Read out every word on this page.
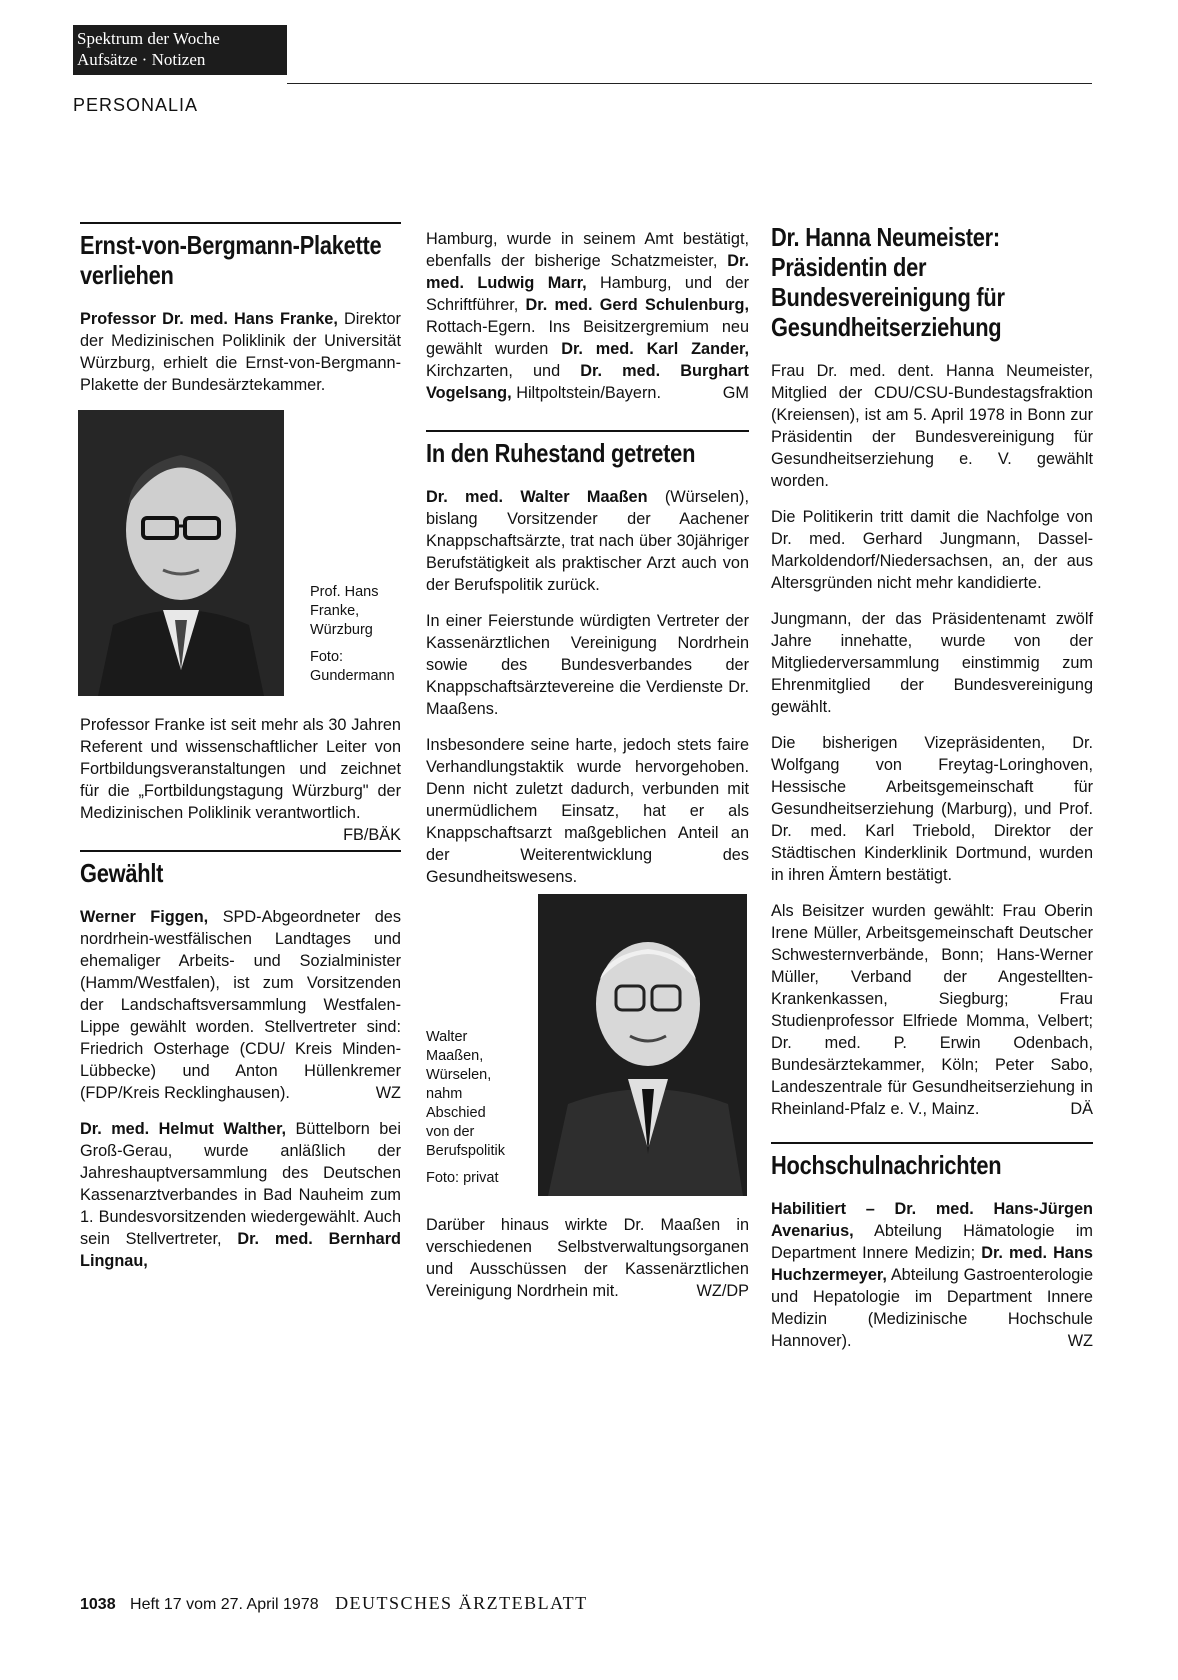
Spektrum der Woche
Aufsätze · Notizen
PERSONALIA
Ernst-von-Bergmann-Plakette verliehen

Professor Dr. med. Hans Franke, Direktor der Medizinischen Poliklinik der Universität Würzburg, erhielt die Ernst-von-Bergmann-Plakette der Bundesärztekammer.

Prof. Hans Franke, Würzburg

Foto: Gundermann

Professor Franke ist seit mehr als 30 Jahren Referent und wissenschaftlicher Leiter von Fortbildungsveranstaltungen und zeichnet für die „Fortbildungstagung Würzburg" der Medizinischen Poliklinik verantwortlich.
FB/BÄK

Gewählt

Werner Figgen, SPD-Abgeordneter des nordrhein-westfälischen Landtages und ehemaliger Arbeits- und Sozialminister (Hamm/Westfalen), ist zum Vorsitzenden der Landschaftsversammlung Westfalen-Lippe gewählt worden. Stellvertreter sind: Friedrich Osterhage (CDU/ Kreis Minden-Lübbecke) und Anton Hüllenkremer (FDP/Kreis Recklinghausen).	WZ

Dr. med. Helmut Walther, Büttelborn bei Groß-Gerau, wurde anläßlich der Jahreshauptversammlung des Deutschen Kassenarztverbandes in Bad Nauheim zum 1. Bundesvorsitzenden wiedergewählt. Auch sein Stellvertreter, Dr. med. Bernhard Lingnau,

Hamburg, wurde in seinem Amt bestätigt, ebenfalls der bisherige Schatzmeister, Dr. med. Ludwig Marr, Hamburg, und der Schriftführer, Dr. med. Gerd Schulenburg, Rottach-Egern. Ins Beisitzergremium neu gewählt wurden Dr. med. Karl Zander, Kirchzarten, und Dr. med. Burghart Vogelsang, Hiltpoltstein/Bayern.	GM

In den Ruhestand getreten

Dr. med. Walter Maaßen (Würselen), bislang Vorsitzender der Aachener Knappschaftsärzte, trat nach über 30jähriger Berufstätigkeit als praktischer Arzt auch von der Berufspolitik zurück.

In einer Feierstunde würdigten Vertreter der Kassenärztlichen Vereinigung Nordrhein sowie des Bundesverbandes der Knappschaftsärztevereine die Verdienste Dr. Maaßens.

Insbesondere seine harte, jedoch stets faire Verhandlungstaktik wurde hervorgehoben. Denn nicht zuletzt dadurch, verbunden mit unermüdlichem Einsatz, hat er als Knappschaftsarzt maßgeblichen Anteil an der Weiterentwicklung des Gesundheitswesens.

Walter Maaßen, Würselen, nahm Abschied von der Berufspolitik

Foto: privat

Darüber hinaus wirkte Dr. Maaßen in verschiedenen Selbstverwaltungsorganen und Ausschüssen der Kassenärztlichen Vereinigung Nordrhein mit.	WZ/DP

Dr. Hanna Neumeister: Präsidentin der Bundesvereinigung für Gesundheitserziehung

Frau Dr. med. dent. Hanna Neumeister, Mitglied der CDU/CSU-Bundestagsfraktion (Kreiensen), ist am 5. April 1978 in Bonn zur Präsidentin der Bundesvereinigung für Gesundheitserziehung e. V. gewählt worden.

Die Politikerin tritt damit die Nachfolge von Dr. med. Gerhard Jungmann, Dassel-Markoldendorf/Niedersachsen, an, der aus Altersgründen nicht mehr kandidierte.

Jungmann, der das Präsidentenamt zwölf Jahre innehatte, wurde von der Mitgliederversammlung einstimmig zum Ehrenmitglied der Bundesvereinigung gewählt.

Die bisherigen Vizepräsidenten, Dr. Wolfgang von Freytag-Loringhoven, Hessische Arbeitsgemeinschaft für Gesundheitserziehung (Marburg), und Prof. Dr. med. Karl Triebold, Direktor der Städtischen Kinderklinik Dortmund, wurden in ihren Ämtern bestätigt.

Als Beisitzer wurden gewählt: Frau Oberin Irene Müller, Arbeitsgemeinschaft Deutscher Schwesternverbände, Bonn; Hans-Werner Müller, Verband der Angestellten-Krankenkassen, Siegburg; Frau Studienprofessor Elfriede Momma, Velbert; Dr. med. P. Erwin Odenbach, Bundesärztekammer, Köln; Peter Sabo, Landeszentrale für Gesundheitserziehung in Rheinland-Pfalz e. V., Mainz.	DÄ

Hochschulnachrichten

Habilitiert – Dr. med. Hans-Jürgen Avenarius, Abteilung Hämatologie im Department Innere Medizin; Dr. med. Hans Huchzermeyer, Abteilung Gastroenterologie und Hepatologie im Department Innere Medizin (Medizinische Hochschule Hannover).	WZ

1038 Heft 17 vom 27. April 1978 DEUTSCHES ÄRZTEBLATT
